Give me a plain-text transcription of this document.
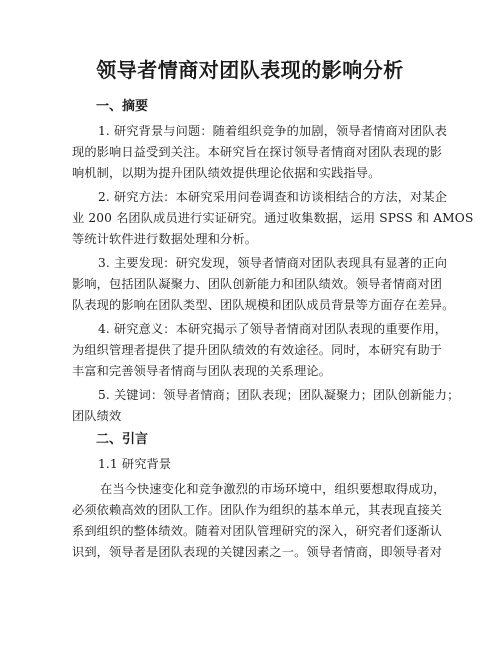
领导者情商对团队表现的影响分析
一、摘要
1. 研究背景与问题：随着组织竞争的加剧，领导者情商对团队表
现的影响日益受到关注。本研究旨在探讨领导者情商对团队表现的影
响机制，以期为提升团队绩效提供理论依据和实践指导。
2. 研究方法：本研究采用问卷调查和访谈相结合的方法，对某企
业 200 名团队成员进行实证研究。通过收集数据，运用 SPSS 和 AMOS
等统计软件进行数据处理和分析。
3. 主要发现：研究发现，领导者情商对团队表现具有显著的正向
影响，包括团队凝聚力、团队创新能力和团队绩效。领导者情商对团
队表现的影响在团队类型、团队规模和团队成员背景等方面存在差异。
4. 研究意义：本研究揭示了领导者情商对团队表现的重要作用，
为组织管理者提供了提升团队绩效的有效途径。同时，本研究有助于
丰富和完善领导者情商与团队表现的关系理论。
5. 关键词：领导者情商；团队表现；团队凝聚力；团队创新能力；
团队绩效
二、引言
1.1 研究背景
在当今快速变化和竞争激烈的市场环境中，组织要想取得成功，
必须依赖高效的团队工作。团队作为组织的基本单元，其表现直接关
系到组织的整体绩效。随着对团队管理研究的深入，研究者们逐渐认
识到，领导者是团队表现的关键因素之一。领导者情商，即领导者对
